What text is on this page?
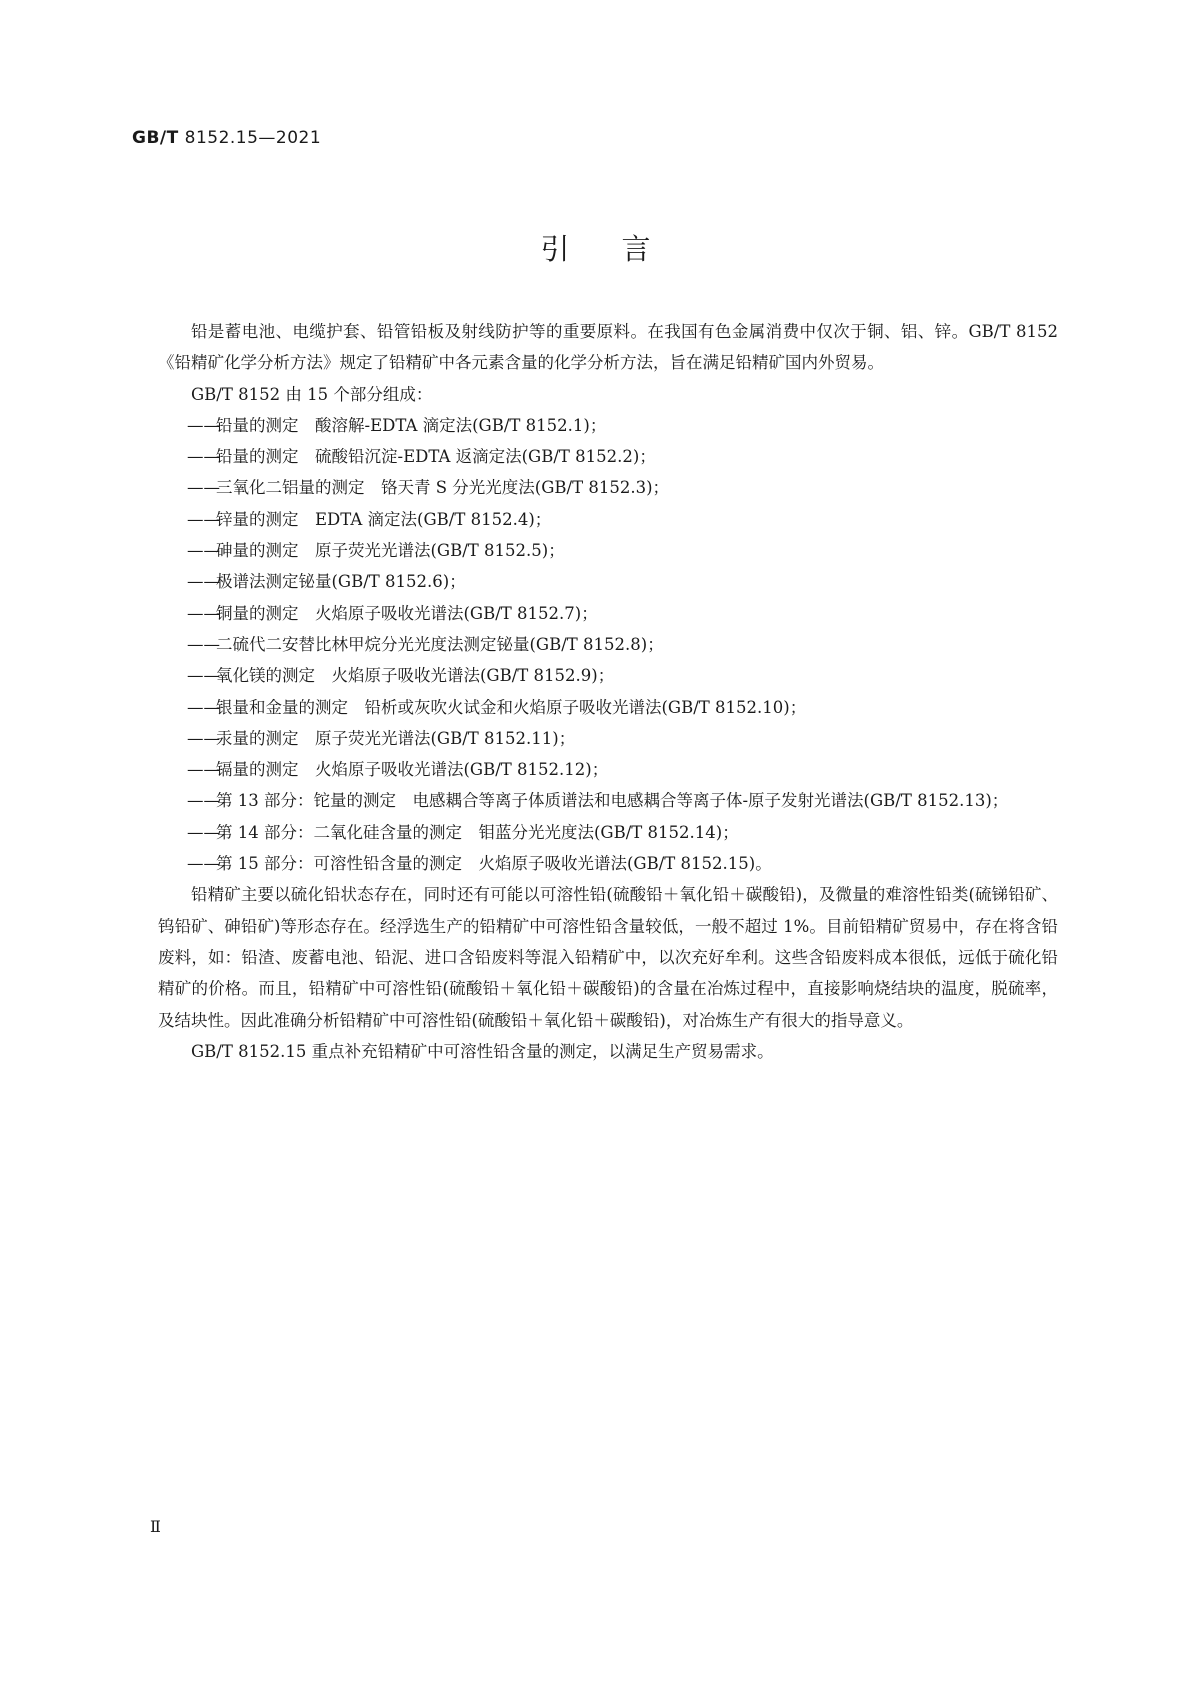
GB/T 8152.15—2021
引言

铅是蓄电池、电缆护套、铅管铅板及射线防护等的重要原料。在我国有色金属消费中仅次于铜、铝、锌。GB/T 8152《铅精矿化学分析方法》规定了铅精矿中各元素含量的化学分析方法，旨在满足铅精矿国内外贸易。

GB/T 8152 由 15 个部分组成：

——铅量的测定　酸溶解-EDTA 滴定法(GB/T 8152.1)；
——铅量的测定　硫酸铅沉淀-EDTA 返滴定法(GB/T 8152.2)；
——三氧化二铝量的测定　铬天青 S 分光光度法(GB/T 8152.3)；
——锌量的测定　EDTA 滴定法(GB/T 8152.4)；
——砷量的测定　原子荧光光谱法(GB/T 8152.5)；
——极谱法测定铋量(GB/T 8152.6)；
——铜量的测定　火焰原子吸收光谱法(GB/T 8152.7)；
——二硫代二安替比林甲烷分光光度法测定铋量(GB/T 8152.8)；
——氧化镁的测定　火焰原子吸收光谱法(GB/T 8152.9)；
——银量和金量的测定　铅析或灰吹火试金和火焰原子吸收光谱法(GB/T 8152.10)；
——汞量的测定　原子荧光光谱法(GB/T 8152.11)；
——镉量的测定　火焰原子吸收光谱法(GB/T 8152.12)；
——第 13 部分：铊量的测定　电感耦合等离子体质谱法和电感耦合等离子体-原子发射光谱法(GB/T 8152.13)；
——第 14 部分：二氧化硅含量的测定　钼蓝分光光度法(GB/T 8152.14)；
——第 15 部分：可溶性铅含量的测定　火焰原子吸收光谱法(GB/T 8152.15)。

铅精矿主要以硫化铅状态存在，同时还有可能以可溶性铅(硫酸铅＋氧化铅＋碳酸铅)，及微量的难溶性铅类(硫锑铅矿、钨铅矿、砷铅矿)等形态存在。经浮选生产的铅精矿中可溶性铅含量较低，一般不超过 1%。目前铅精矿贸易中，存在将含铅废料，如：铅渣、废蓄电池、铅泥、进口含铅废料等混入铅精矿中，以次充好牟利。这些含铅废料成本很低，远低于硫化铅精矿的价格。而且，铅精矿中可溶性铅(硫酸铅＋氧化铅＋碳酸铅)的含量在冶炼过程中，直接影响烧结块的温度，脱硫率，及结块性。因此准确分析铅精矿中可溶性铅(硫酸铅＋氧化铅＋碳酸铅)，对冶炼生产有很大的指导意义。

GB/T 8152.15 重点补充铅精矿中可溶性铅含量的测定，以满足生产贸易需求。

Ⅱ
